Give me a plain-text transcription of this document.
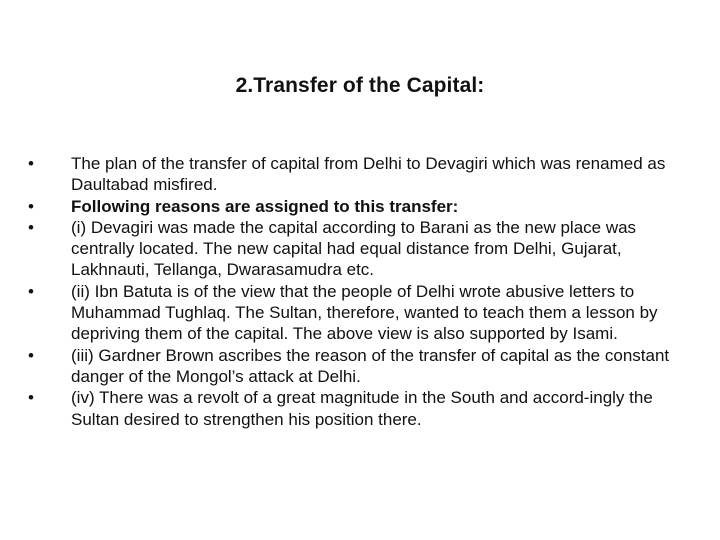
2.Transfer of the Capital:
•	The plan of the transfer of capital from Delhi to Devagiri which was renamed as Daultabad misfired.
•	Following reasons are assigned to this transfer:
•	(i) Devagiri was made the capital according to Barani as the new place was centrally located. The new capital had equal distance from Delhi, Gujarat, Lakhnauti, Tellanga, Dwarasamudra etc.
•	(ii) Ibn Batuta is of the view that the people of Delhi wrote abusive letters to Muhammad Tughlaq. The Sultan, therefore, wanted to teach them a lesson by depriving them of the capital. The above view is also supported by Isami.
•	(iii) Gardner Brown ascribes the reason of the transfer of capital as the constant danger of the Mongol’s attack at Delhi.
•	(iv) There was a revolt of a great magnitude in the South and accord-ingly the Sultan desired to strengthen his position there.
